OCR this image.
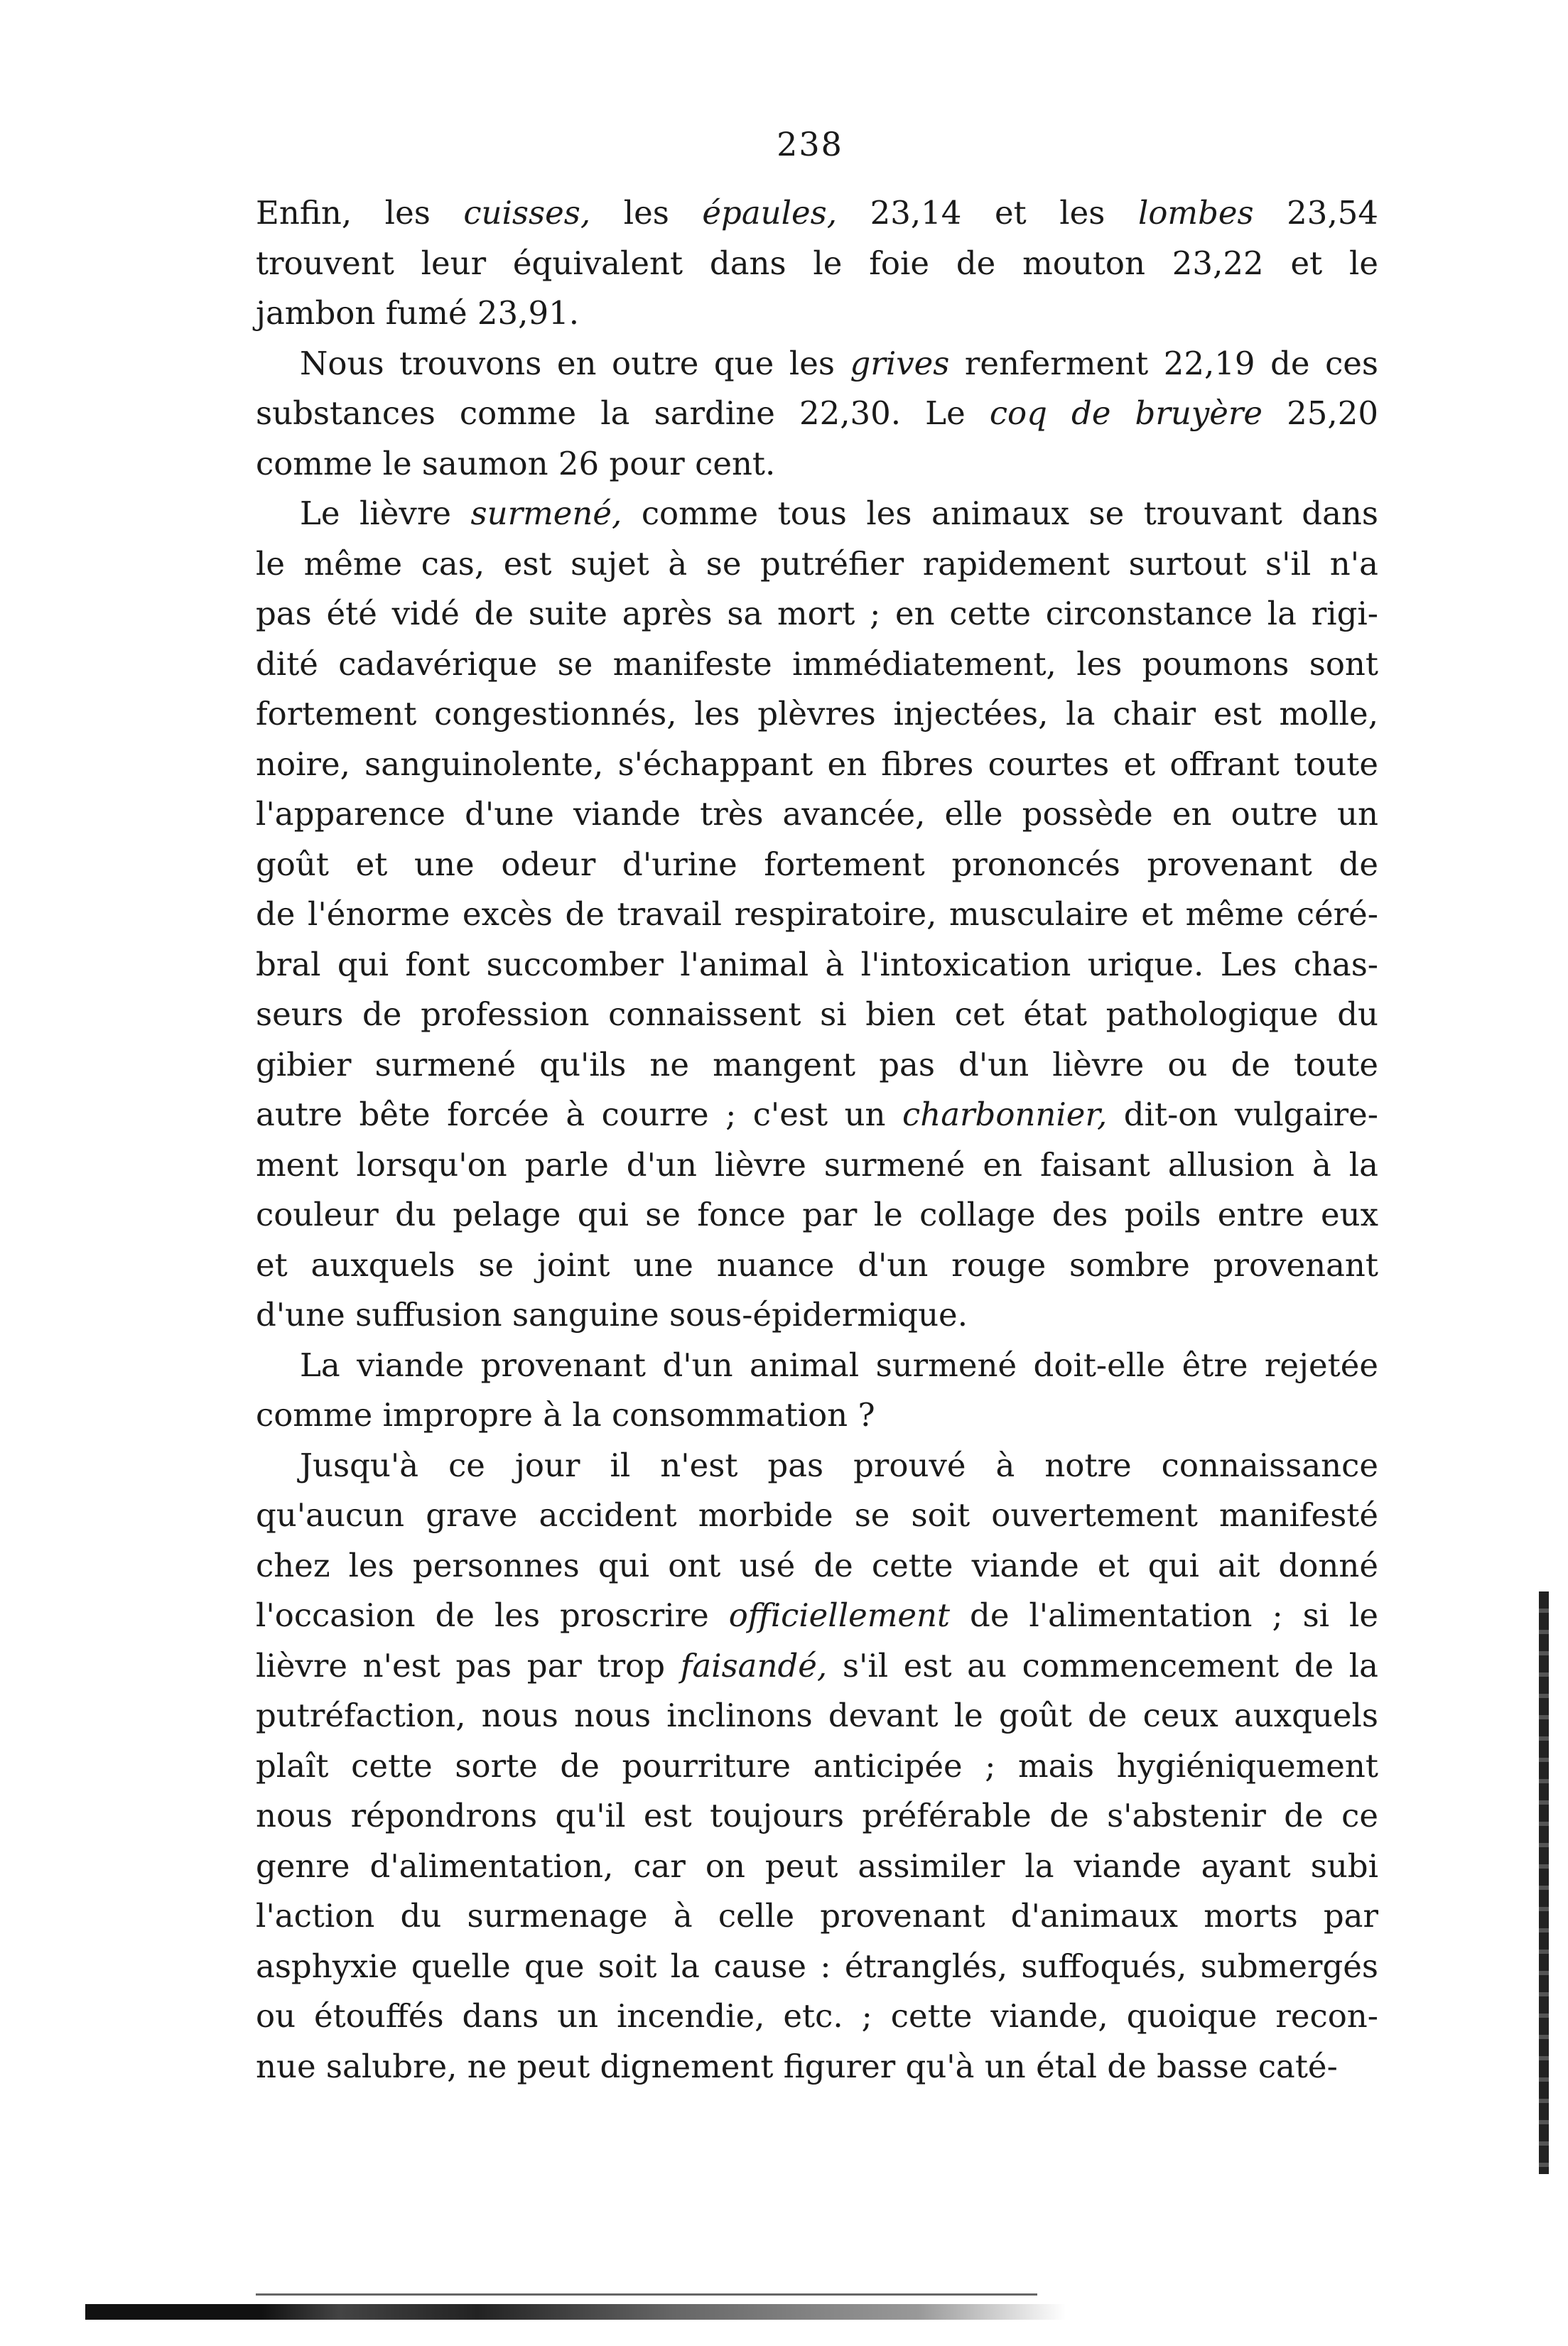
238
Enfin, les cuisses, les épaules, 23,14 et les lombes 23,54
trouvent leur équivalent dans le foie de mouton 23,22 et le
jambon fumé 23,91.
Nous trouvons en outre que les grives renferment 22,19 de ces
substances comme la sardine 22,30. Le coq de bruyère 25,20
comme le saumon 26 pour cent.
Le lièvre surmené, comme tous les animaux se trouvant dans
le même cas, est sujet à se putréfier rapidement surtout s'il n'a
pas été vidé de suite après sa mort ; en cette circonstance la rigi-
dité cadavérique se manifeste immédiatement, les poumons sont
fortement congestionnés, les plèvres injectées, la chair est molle,
noire, sanguinolente, s'échappant en fibres courtes et offrant toute
l'apparence d'une viande très avancée, elle possède en outre un
goût et une odeur d'urine fortement prononcés provenant de
de l'énorme excès de travail respiratoire, musculaire et même céré-
bral qui font succomber l'animal à l'intoxication urique. Les chas-
seurs de profession connaissent si bien cet état pathologique du
gibier surmené qu'ils ne mangent pas d'un lièvre ou de toute
autre bête forcée à courre ; c'est un charbonnier, dit-on vulgaire-
ment lorsqu'on parle d'un lièvre surmené en faisant allusion à la
couleur du pelage qui se fonce par le collage des poils entre eux
et auxquels se joint une nuance d'un rouge sombre provenant
d'une suffusion sanguine sous-épidermique.
La viande provenant d'un animal surmené doit-elle être rejetée
comme impropre à la consommation ?
Jusqu'à ce jour il n'est pas prouvé à notre connaissance
qu'aucun grave accident morbide se soit ouvertement manifesté
chez les personnes qui ont usé de cette viande et qui ait donné
l'occasion de les proscrire officiellement de l'alimentation ; si le
lièvre n'est pas par trop faisandé, s'il est au commencement de la
putréfaction, nous nous inclinons devant le goût de ceux auxquels
plaît cette sorte de pourriture anticipée ; mais hygiéniquement
nous répondrons qu'il est toujours préférable de s'abstenir de ce
genre d'alimentation, car on peut assimiler la viande ayant subi
l'action du surmenage à celle provenant d'animaux morts par
asphyxie quelle que soit la cause : étranglés, suffoqués, submergés
ou étouffés dans un incendie, etc. ; cette viande, quoique recon-
nue salubre, ne peut dignement figurer qu'à un étal de basse caté-
